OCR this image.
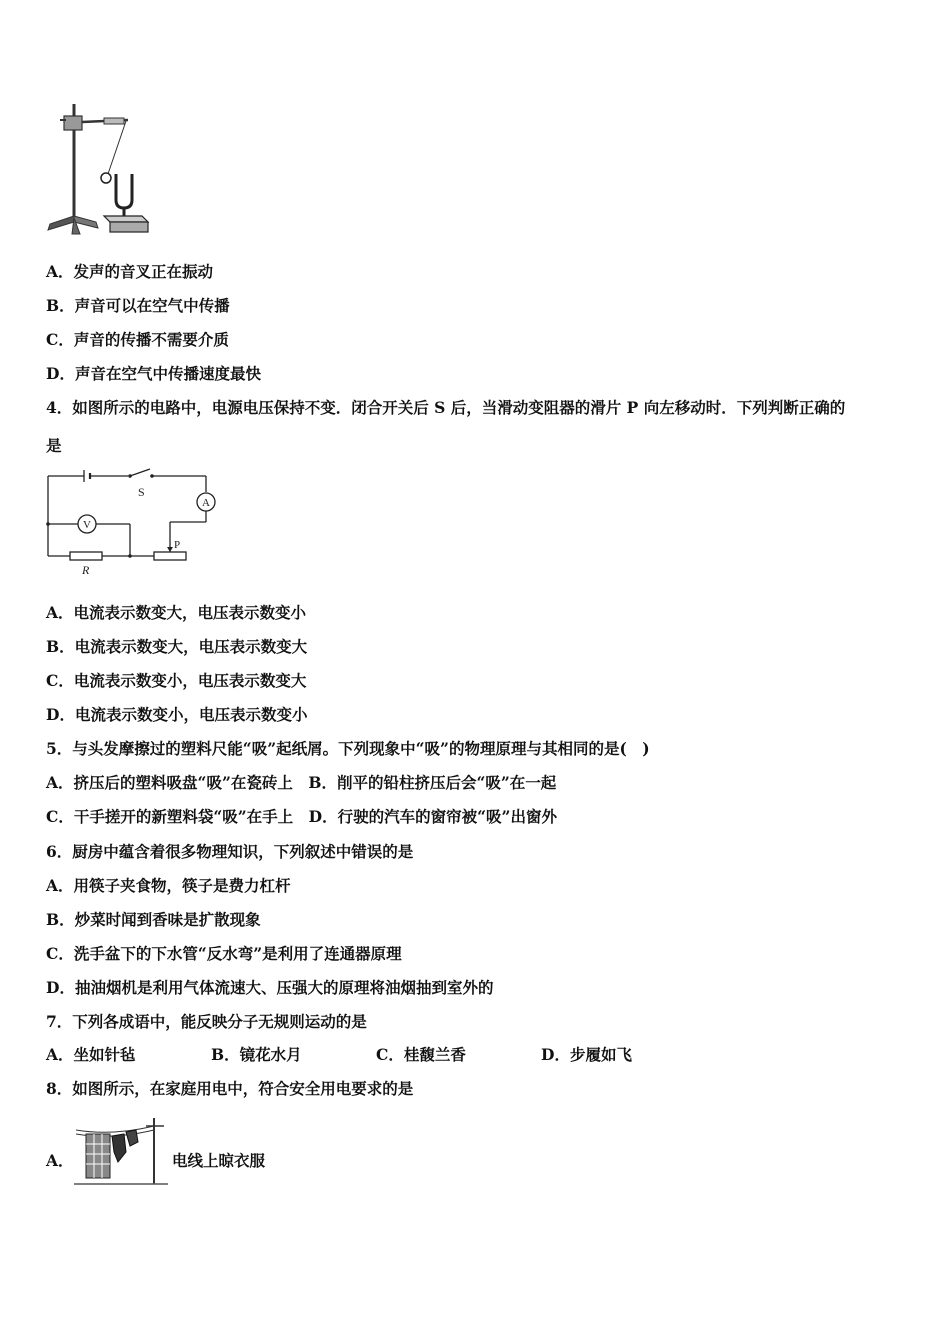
A．发声的音叉正在振动
B．声音可以在空气中传播
C．声音的传播不需要介质
D．声音在空气中传播速度最快
4．如图所示的电路中，电源电压保持不变．闭合开关后 S 后，当滑动变阻器的滑片 P 向左移动时．下列判断正确的
是
S
A
V
P
R
A．电流表示数变大，电压表示数变小
B．电流表示数变大，电压表示数变大
C．电流表示数变小，电压表示数变大
D．电流表示数变小，电压表示数变小
5．与头发摩擦过的塑料尺能“吸”起纸屑。下列现象中“吸”的物理原理与其相同的是(　)
A．挤压后的塑料吸盘“吸”在瓷砖上　B．削平的铅柱挤压后会“吸”在一起
C．干手搓开的新塑料袋“吸”在手上　D．行驶的汽车的窗帘被“吸”出窗外
6．厨房中蕴含着很多物理知识，下列叙述中错误的是
A．用筷子夹食物，筷子是费力杠杆
B．炒菜时闻到香味是扩散现象
C．洗手盆下的下水管“反水弯”是利用了连通器原理
D．抽油烟机是利用气体流速大、压强大的原理将油烟抽到室外的
7．下列各成语中，能反映分子无规则运动的是
A．坐如针毡	B．镜花水月	C．桂馥兰香	D．步履如飞
8．如图所示，在家庭用电中，符合安全用电要求的是
A．	电线上晾衣服
